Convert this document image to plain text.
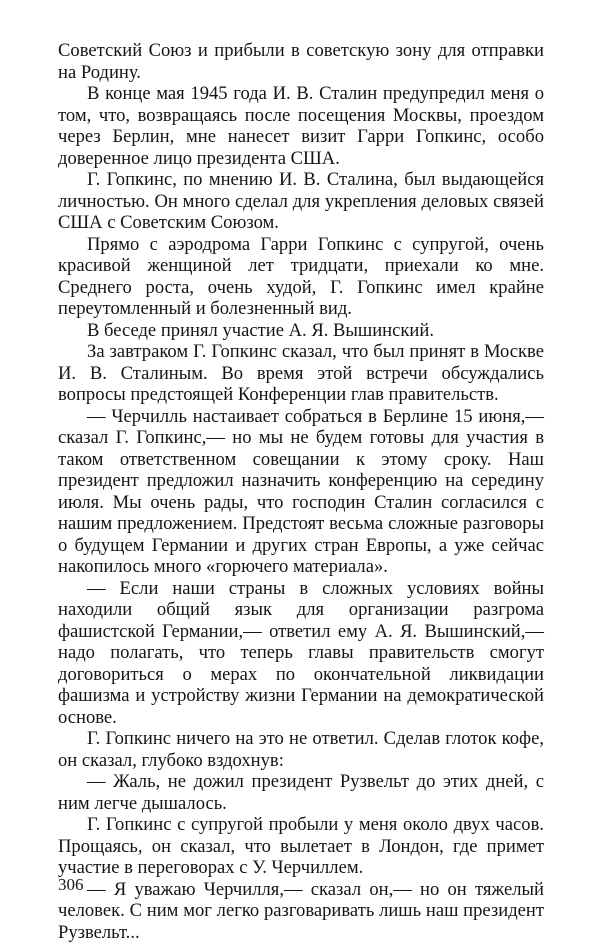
Советский Союз и прибыли в советскую зону для отправки на Родину.

В конце мая 1945 года И. В. Сталин предупредил меня о том, что, возвращаясь после посещения Москвы, проездом через Берлин, мне нанесет визит Гарри Гопкинс, особо доверенное лицо президента США.

Г. Гопкинс, по мнению И. В. Сталина, был выдающейся личностью. Он много сделал для укрепления деловых связей США с Советским Союзом.

Прямо с аэродрома Гарри Гопкинс с супругой, очень красивой женщиной лет тридцати, приехали ко мне. Среднего роста, очень худой, Г. Гопкинс имел крайне переутомленный и болезненный вид.

В беседе принял участие А. Я. Вышинский.

За завтраком Г. Гопкинс сказал, что был принят в Москве И. В. Сталиным. Во время этой встречи обсуждались вопросы предстоящей Конференции глав правительств.

— Черчилль настаивает собраться в Берлине 15 июня,— сказал Г. Гопкинс,— но мы не будем готовы для участия в таком ответственном совещании к этому сроку. Наш президент предложил назначить конференцию на середину июля. Мы очень рады, что господин Сталин согласился с нашим предложением. Предстоят весьма сложные разговоры о будущем Германии и других стран Европы, а уже сейчас накопилось много «горючего материала».

— Если наши страны в сложных условиях войны находили общий язык для организации разгрома фашистской Германии,— ответил ему А. Я. Вышинский,— надо полагать, что теперь главы правительств смогут договориться о мерах по окончательной ликвидации фашизма и устройству жизни Германии на демократической основе.

Г. Гопкинс ничего на это не ответил. Сделав глоток кофе, он сказал, глубоко вздохнув:

— Жаль, не дожил президент Рузвельт до этих дней, с ним легче дышалось.

Г. Гопкинс с супругой пробыли у меня около двух часов. Прощаясь, он сказал, что вылетает в Лондон, где примет участие в переговорах с У. Черчиллем.

— Я уважаю Черчилля,— сказал он,— но он тяжелый человек. С ним мог легко разговаривать лишь наш президент Рузвельт...

306
